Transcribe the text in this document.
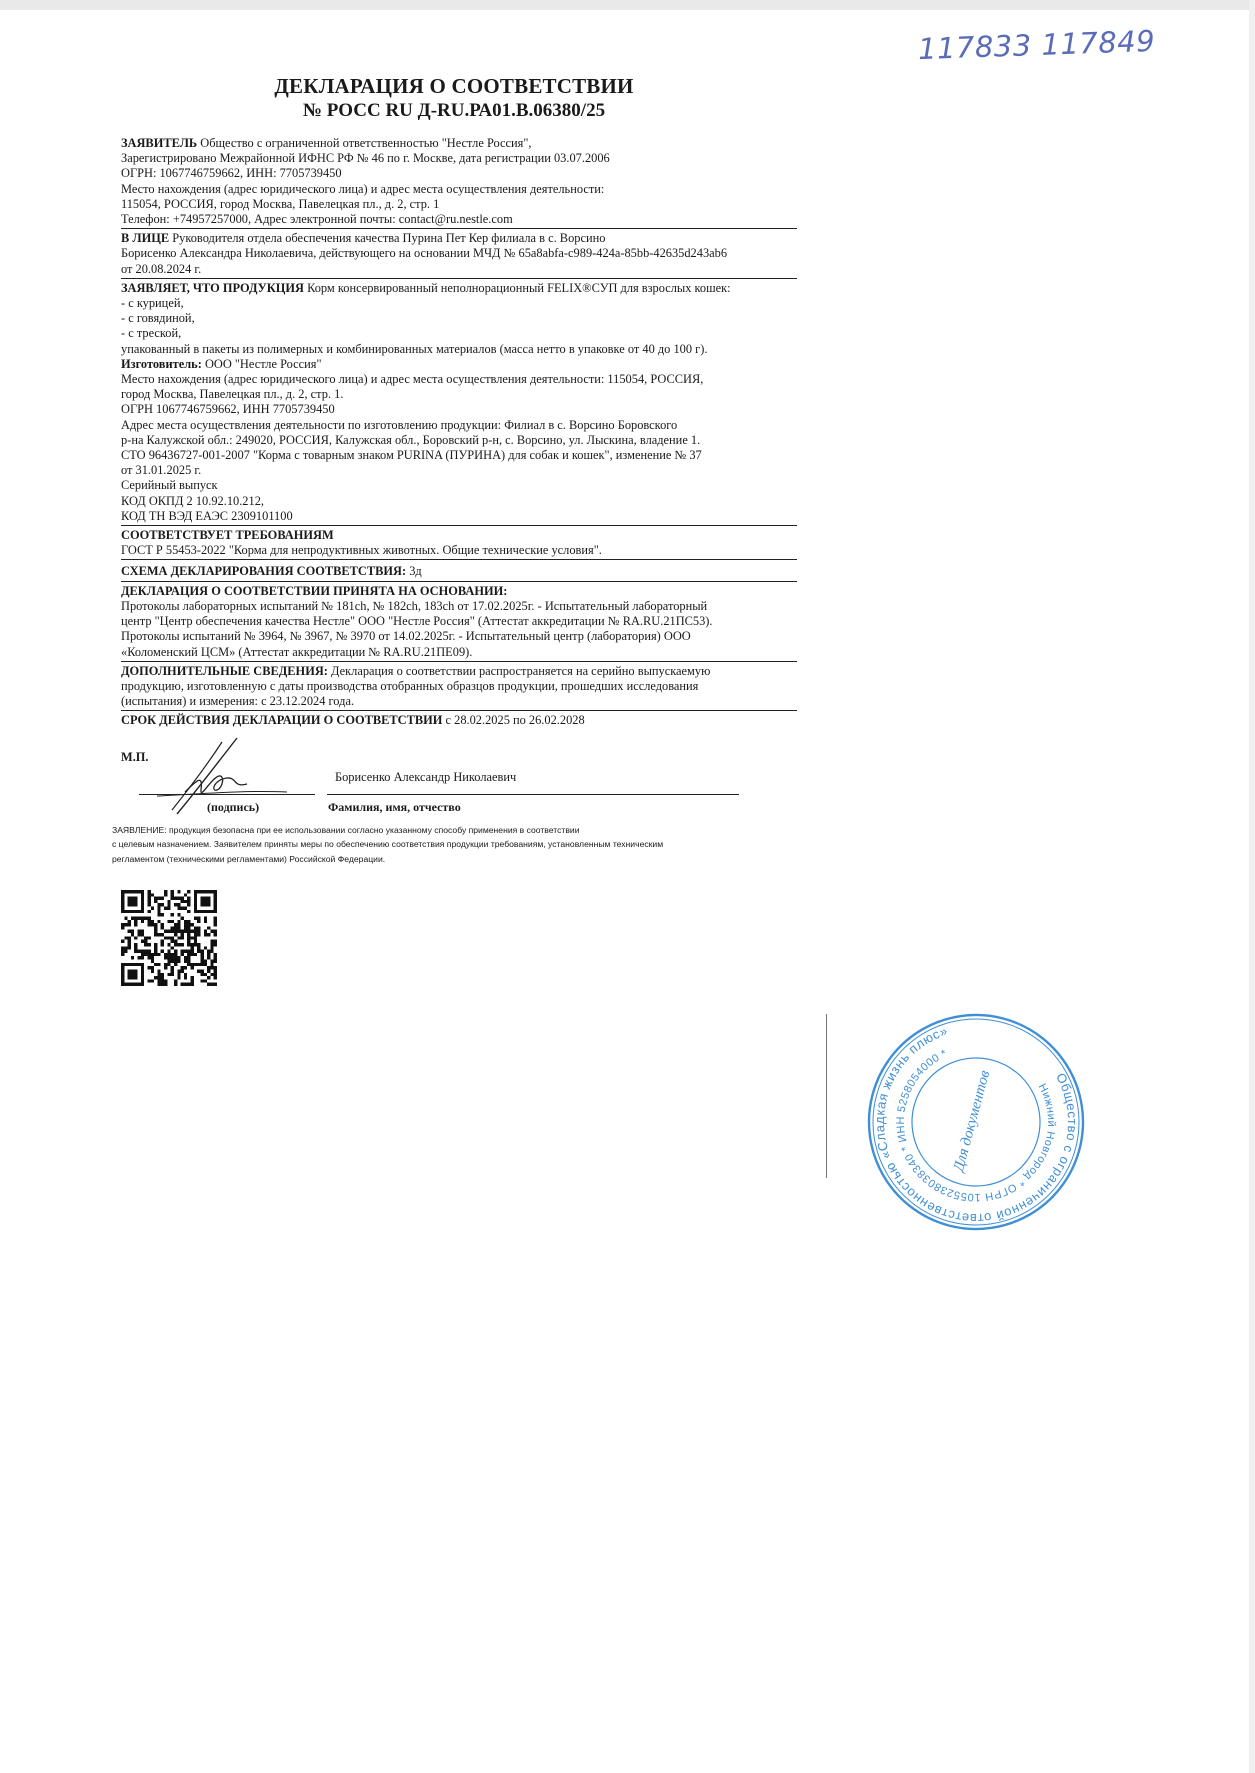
117833 117849
ДЕКЛАРАЦИЯ О СООТВЕТСТВИИ
№ РОСС RU Д-RU.РА01.В.06380/25
ЗАЯВИТЕЛЬ Общество с ограниченной ответственностью "Нестле Россия",
Зарегистрировано Межрайонной ИФНС РФ № 46 по г. Москве, дата регистрации 03.07.2006
ОГРН: 1067746759662, ИНН: 7705739450
Место нахождения (адрес юридического лица) и адрес места осуществления деятельности:
115054, РОССИЯ, город Москва, Павелецкая пл., д. 2, стр. 1
Телефон: +74957257000, Адрес электронной почты: contact@ru.nestle.com
В ЛИЦЕ Руководителя отдела обеспечения качества Пурина Пет Кер филиала в с. Ворсино
Борисенко Александра Николаевича, действующего на основании МЧД № 65a8abfa-c989-424a-85bb-42635d243ab6
от 20.08.2024 г.
ЗАЯВЛЯЕТ, ЧТО ПРОДУКЦИЯ Корм консервированный неполнорационный FELIX®СУП для взрослых кошек:
- с курицей,
- с говядиной,
- с треской,
упакованный в пакеты из полимерных и комбинированных материалов (масса нетто в упаковке от 40 до 100 г).
Изготовитель: ООО "Нестле Россия"
Место нахождения (адрес юридического лица) и адрес места осуществления деятельности: 115054, РОССИЯ,
город Москва, Павелецкая пл., д. 2, стр. 1.
ОГРН 1067746759662, ИНН 7705739450
Адрес места осуществления деятельности по изготовлению продукции: Филиал в с. Ворсино Боровского
р-на Калужской обл.: 249020, РОССИЯ, Калужская обл., Боровский р-н, с. Ворсино, ул. Лыскина, владение 1.
СТО 96436727-001-2007 "Корма с товарным знаком PURINA (ПУРИНА) для собак и кошек", изменение № 37
от 31.01.2025 г.
Серийный выпуск
КОД ОКПД 2 10.92.10.212,
КОД ТН ВЭД ЕАЭС 2309101100
СООТВЕТСТВУЕТ ТРЕБОВАНИЯМ
ГОСТ Р 55453-2022 "Корма для непродуктивных животных. Общие технические условия".
СХЕМА ДЕКЛАРИРОВАНИЯ СООТВЕТСТВИЯ: 3д
ДЕКЛАРАЦИЯ О СООТВЕТСТВИИ ПРИНЯТА НА ОСНОВАНИИ:
Протоколы лабораторных испытаний № 181ch, № 182ch, 183ch от 17.02.2025г. - Испытательный лабораторный
центр "Центр обеспечения качества Нестле" ООО "Нестле Россия" (Аттестат аккредитации № RA.RU.21ПС53).
Протоколы испытаний № 3964, № 3967, № 3970 от 14.02.2025г. - Испытательный центр (лаборатория) ООО
«Коломенский ЦСМ» (Аттестат аккредитации № RA.RU.21ПЕ09).
ДОПОЛНИТЕЛЬНЫЕ СВЕДЕНИЯ: Декларация о соответствии распространяется на серийно выпускаемую
продукцию, изготовленную с даты производства отобранных образцов продукции, прошедших исследования
(испытания) и измерения: с 23.12.2024 года.
СРОК ДЕЙСТВИЯ ДЕКЛАРАЦИИ О СООТВЕТСТВИИ с 28.02.2025 по 26.02.2028
М.П.
Борисенко Александр Николаевич
(подпись)	Фамилия, имя, отчество
ЗАЯВЛЕНИЕ: продукция безопасна при ее использовании согласно указанному способу применения в соответствии
с целевым назначением. Заявителем приняты меры по обеспечению соответствия продукции требованиям, установленным техническим
регламентом (техническими регламентами) Российской Федерации.
Общество с ограниченной ответственностью «Сладкая жизнь плюс»
Нижний Новгород * ОГРН 1055238038340 * ИНН 5258054000 *
Для документов
